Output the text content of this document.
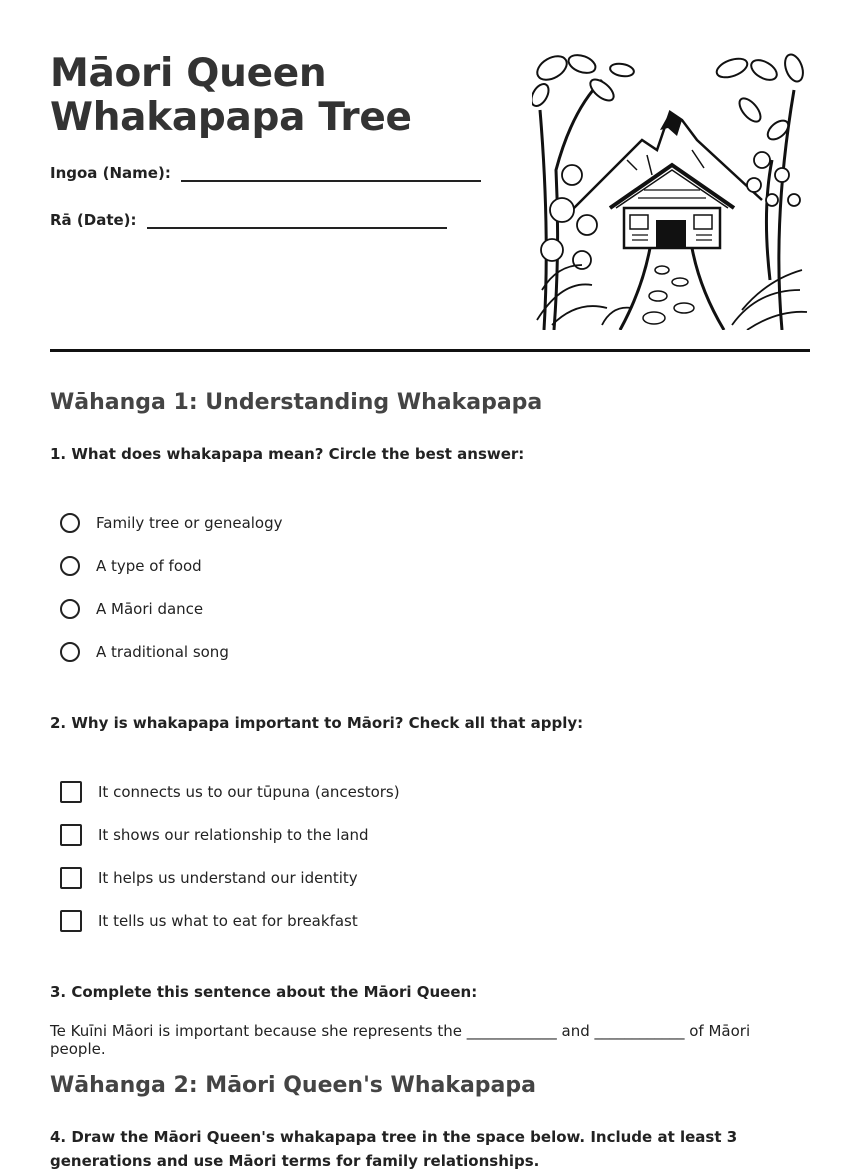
Māori Queen
Whakapapa Tree
Ingoa (Name):
Rā (Date):
Wāhanga 1: Understanding Whakapapa

1. What does whakapapa mean? Circle the best answer:

Family tree or genealogy
A type of food
A Māori dance
A traditional song

2. Why is whakapapa important to Māori? Check all that apply:

It connects us to our tūpuna (ancestors)
It shows our relationship to the land
It helps us understand our identity
It tells us what to eat for breakfast

3. Complete this sentence about the Māori Queen:

Te Kuīni Māori is important because she represents the ____________ and ____________ of Māori people.
Wāhanga 2: Māori Queen's Whakapapa

4. Draw the Māori Queen's whakapapa tree in the space below. Include at least 3 generations and use Māori terms for family relationships.
